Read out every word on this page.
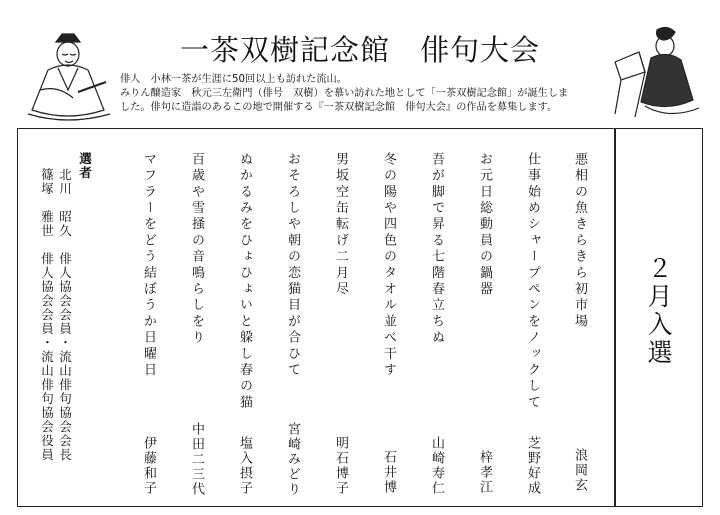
一茶双樹記念館　俳句大会
俳人　小林一茶が生涯に50回以上も訪れた流山。
みりん醸造家　秋元三左衛門（俳号　双樹）を慕い訪れた地として「一茶双樹記念館」が誕生しま
した。俳句に造詣のあるこの地で開催する『一茶双樹記念館　俳句大会』の作品を募集します。
２月入選
悪相の魚きらきら初市場
浪岡玄
仕事始めシャープペンをノックして
芝野好成
お元日総動員の鍋器
梓孝江
吾が脚で昇る七階春立ちぬ
山崎寿仁
冬の陽や四色のタオル並べ干す
石井博
男坂空缶転げ二月尽
明石博子
おそろしや朝の恋猫目が合ひて
宮崎みどり
ぬかるみをひょひょいと躱し春の猫
塩入摂子
百歳や雪掻の音鳴らしをり
中田二三代
マフラーをどう結ぼうか日曜日
伊藤和子
選者
北川　昭久　俳人協会会員・流山俳句協会会長
篠塚　雅世　俳人協会会員・流山俳句協会役員
